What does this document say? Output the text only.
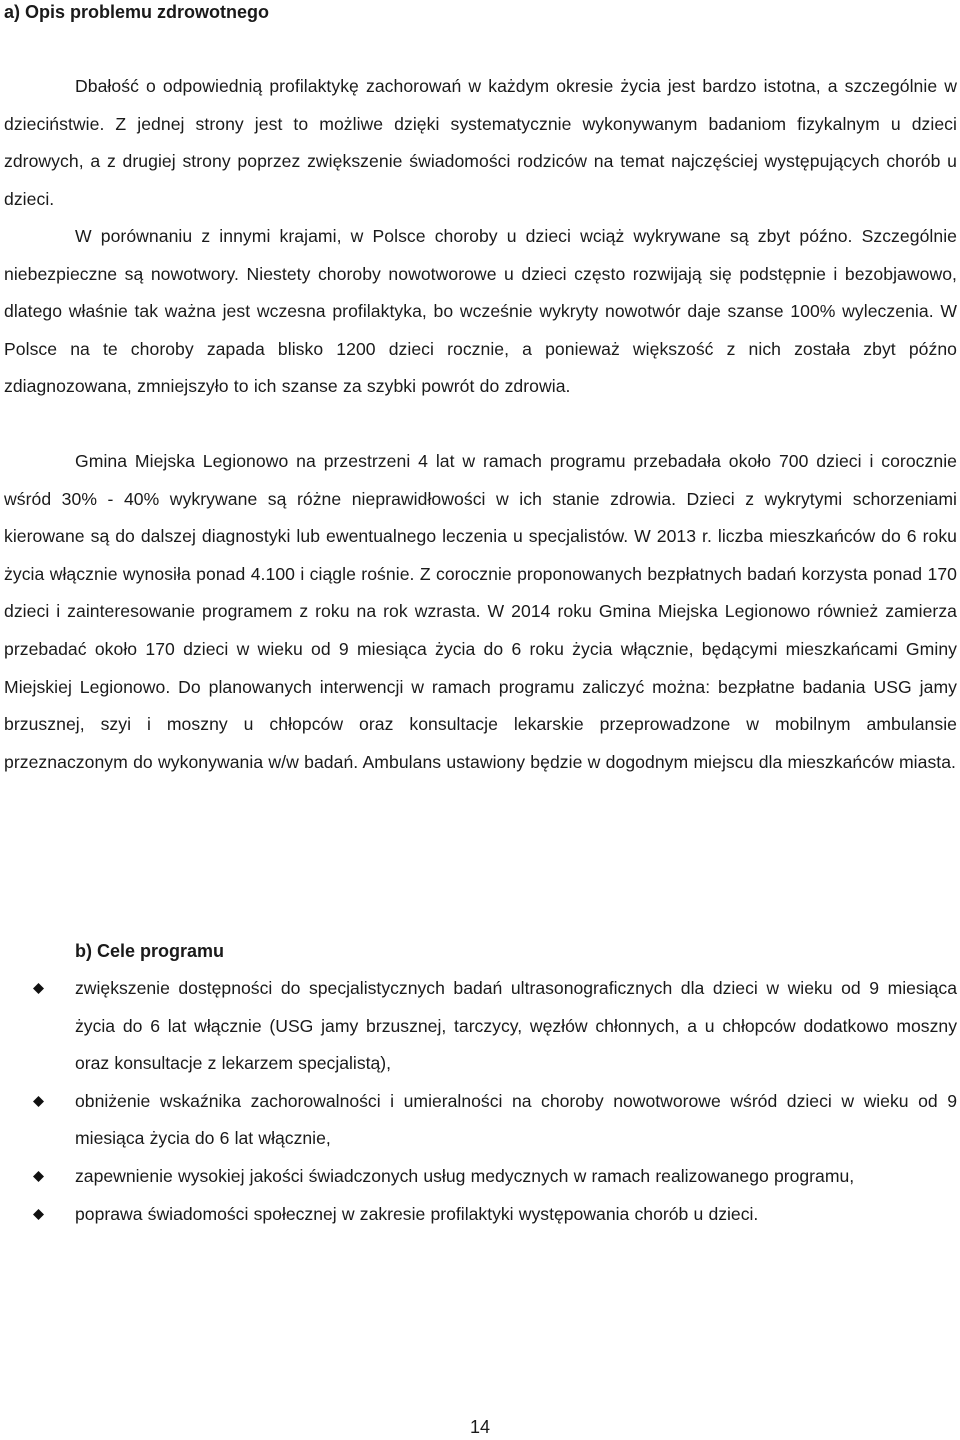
a) Opis problemu zdrowotnego

Dbałość o odpowiednią profilaktykę zachorowań w każdym okresie życia jest bardzo istotna, a szczególnie w dzieciństwie. Z jednej strony jest to możliwe dzięki systematycznie wykonywanym badaniom fizykalnym u dzieci zdrowych, a z drugiej strony poprzez zwiększenie świadomości rodziców na temat najczęściej występujących chorób u dzieci.

W porównaniu z innymi krajami, w Polsce choroby u dzieci wciąż wykrywane są zbyt późno. Szczególnie niebezpieczne są nowotwory. Niestety choroby nowotworowe u dzieci często rozwijają się podstępnie i bezobjawowo, dlatego właśnie tak ważna jest wczesna profilaktyka, bo wcześnie wykryty nowotwór daje szanse 100% wyleczenia. W Polsce na te choroby zapada blisko 1200 dzieci rocznie, a ponieważ większość z nich została zbyt późno zdiagnozowana, zmniejszyło to ich szanse za szybki powrót do zdrowia.

Gmina Miejska Legionowo na przestrzeni 4 lat w ramach programu przebadała około 700 dzieci i corocznie wśród 30% - 40% wykrywane są różne nieprawidłowości w ich stanie zdrowia. Dzieci z wykrytymi schorzeniami kierowane są do dalszej diagnostyki lub ewentualnego leczenia u specjalistów. W 2013 r. liczba mieszkańców do 6 roku życia włącznie wynosiła ponad 4.100 i ciągle rośnie. Z corocznie proponowanych bezpłatnych badań korzysta ponad 170 dzieci i zainteresowanie programem z roku na rok wzrasta. W 2014 roku Gmina Miejska Legionowo również zamierza przebadać około 170 dzieci w wieku od 9 miesiąca życia do 6 roku życia włącznie, będącymi mieszkańcami Gminy Miejskiej Legionowo. Do planowanych interwencji w ramach programu zaliczyć można: bezpłatne badania USG jamy brzusznej, szyi i moszny u chłopców oraz konsultacje lekarskie przeprowadzone w mobilnym ambulansie przeznaczonym do wykonywania w/w badań. Ambulans ustawiony będzie w dogodnym miejscu dla mieszkańców miasta.

b) Cele programu
zwiększenie dostępności do specjalistycznych badań ultrasonograficznych dla dzieci w wieku od 9 miesiąca życia do 6 lat włącznie (USG jamy brzusznej, tarczycy, węzłów chłonnych, a u chłopców dodatkowo moszny oraz konsultacje z lekarzem specjalistą),
obniżenie wskaźnika zachorowalności i umieralności na choroby nowotworowe wśród dzieci w wieku od 9 miesiąca życia do 6 lat włącznie,
zapewnienie wysokiej jakości świadczonych usług medycznych w ramach realizowanego programu,
poprawa świadomości społecznej w zakresie profilaktyki występowania chorób u dzieci.
14
